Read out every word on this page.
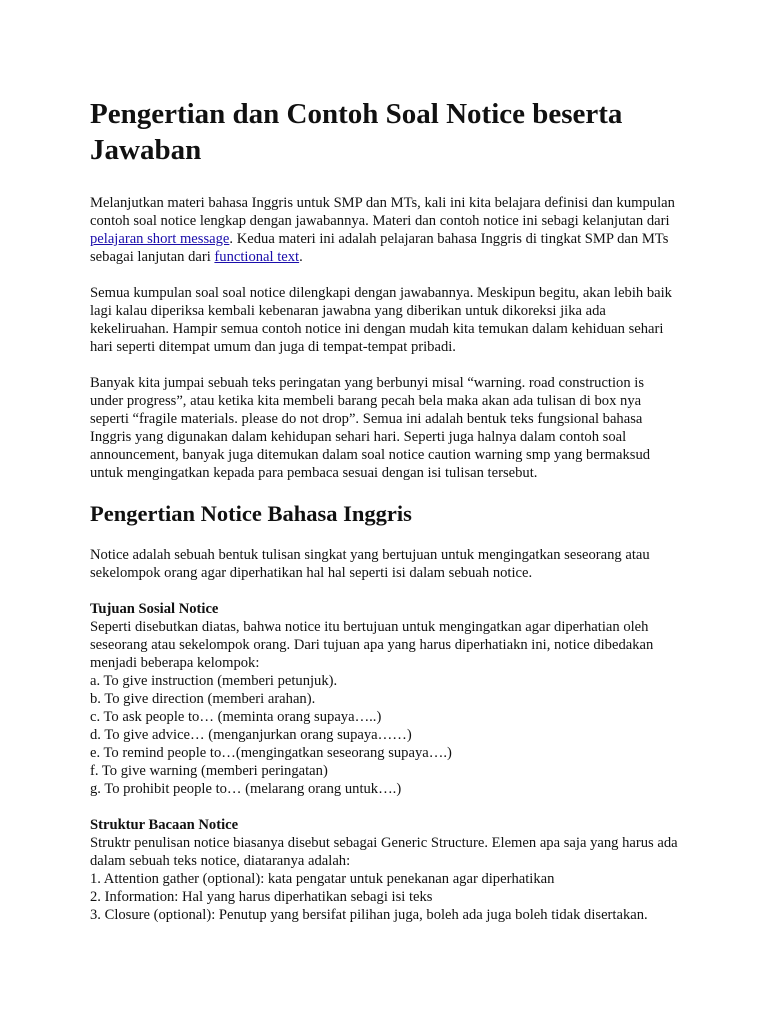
Pengertian dan Contoh Soal Notice beserta Jawaban

Melanjutkan materi bahasa Inggris untuk SMP dan MTs, kali ini kita belajara definisi dan kumpulan contoh soal notice lengkap dengan jawabannya. Materi dan contoh notice ini sebagi kelanjutan dari pelajaran short message. Kedua materi ini adalah pelajaran bahasa Inggris di tingkat SMP dan MTs sebagai lanjutan dari functional text.

Semua kumpulan soal soal notice dilengkapi dengan jawabannya. Meskipun begitu, akan lebih baik lagi kalau diperiksa kembali kebenaran jawabna yang diberikan untuk dikoreksi jika ada kekeliruahan. Hampir semua contoh notice ini dengan mudah kita temukan dalam kehiduan sehari hari seperti ditempat umum dan juga di tempat-tempat pribadi.

Banyak kita jumpai sebuah teks peringatan yang berbunyi misal “warning. road construction is under progress”, atau ketika kita membeli barang pecah bela maka akan ada tulisan di box nya seperti “fragile materials. please do not drop”. Semua ini adalah bentuk teks fungsional bahasa Inggris yang digunakan dalam kehidupan sehari hari. Seperti juga halnya dalam contoh soal announcement, banyak juga ditemukan dalam soal notice caution warning smp yang bermaksud untuk mengingatkan kepada para pembaca sesuai dengan isi tulisan tersebut.

Pengertian Notice Bahasa Inggris

Notice adalah sebuah bentuk tulisan singkat yang bertujuan untuk mengingatkan seseorang atau sekelompok orang agar diperhatikan hal hal seperti isi dalam sebuah notice.

Tujuan Sosial Notice
Seperti disebutkan diatas, bahwa notice itu bertujuan untuk mengingatkan agar diperhatian oleh seseorang atau sekelompok orang. Dari tujuan apa yang harus diperhatiakn ini, notice dibedakan menjadi beberapa kelompok:
a. To give instruction (memberi petunjuk).
b. To give direction (memberi arahan).
c. To ask people to… (meminta orang supaya…..)
d. To give advice… (menganjurkan orang supaya……)
e. To remind people to…(mengingatkan seseorang supaya….)
f. To give warning (memberi peringatan)
g. To prohibit people to… (melarang orang untuk….)
Struktur Bacaan Notice
Struktr penulisan notice biasanya disebut sebagai Generic Structure. Elemen apa saja yang harus ada dalam sebuah teks notice, diataranya adalah:
1. Attention gather (optional): kata pengatar untuk penekanan agar diperhatikan
2. Information: Hal yang harus diperhatikan sebagi isi teks
3. Closure (optional): Penutup yang bersifat pilihan juga, boleh ada juga boleh tidak disertakan.
